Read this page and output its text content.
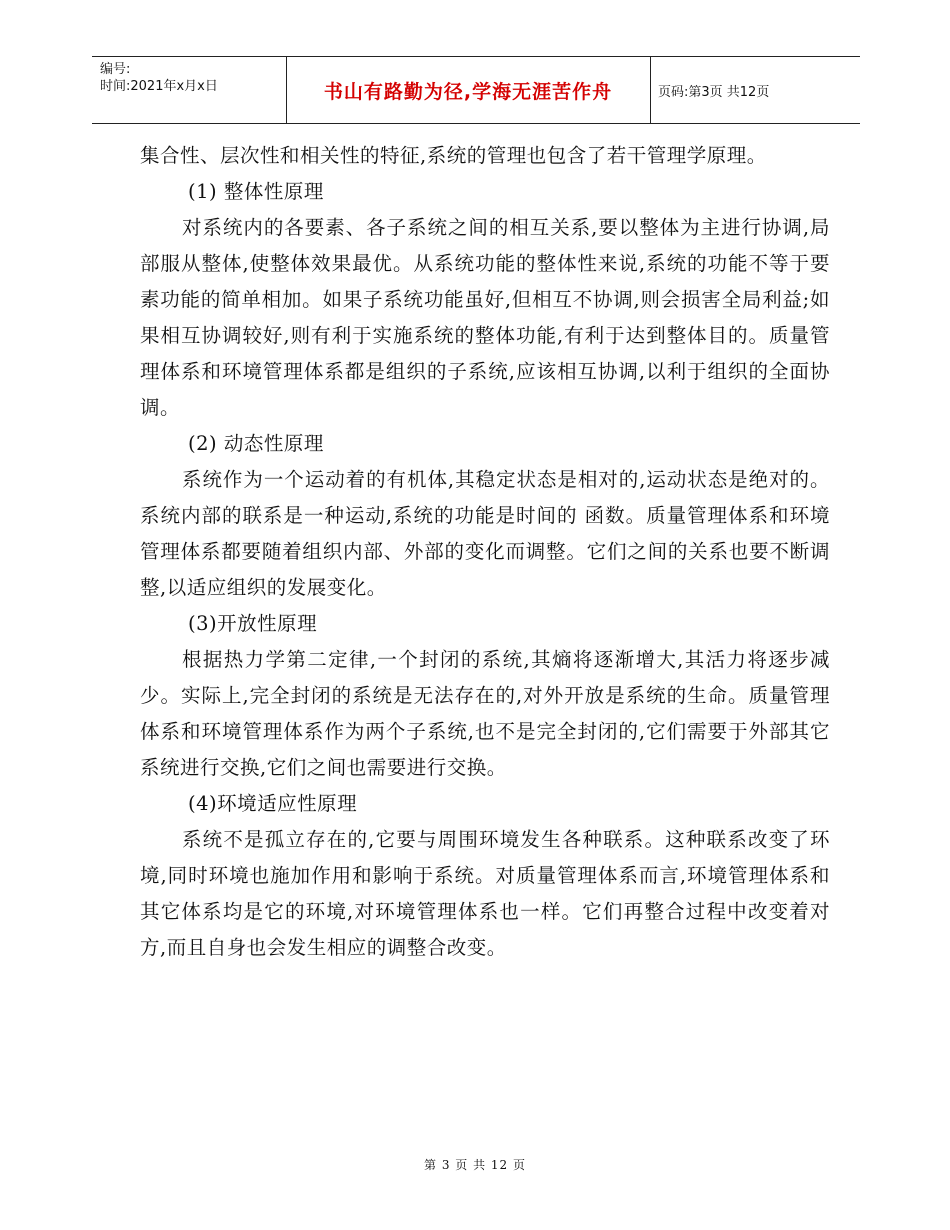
编号:
时间:2021年x月x日	书山有路勤为径,学海无涯苦作舟	页码:第3页 共12页

集合性、层次性和相关性的特征,系统的管理也包含了若干管理学原理。

(1) 整体性原理

对系统内的各要素、各子系统之间的相互关系,要以整体为主进行协调,局部服从整体,使整体效果最优。从系统功能的整体性来说,系统的功能不等于要素功能的简单相加。如果子系统功能虽好,但相互不协调,则会损害全局利益;如果相互协调较好,则有利于实施系统的整体功能,有利于达到整体目的。质量管理体系和环境管理体系都是组织的子系统,应该相互协调,以利于组织的全面协调。

(2) 动态性原理

系统作为一个运动着的有机体,其稳定状态是相对的,运动状态是绝对的。系统内部的联系是一种运动,系统的功能是时间的 函数。质量管理体系和环境管理体系都要随着组织内部、外部的变化而调整。它们之间的关系也要不断调整,以适应组织的发展变化。

(3)开放性原理

根据热力学第二定律,一个封闭的系统,其熵将逐渐增大,其活力将逐步减少。实际上,完全封闭的系统是无法存在的,对外开放是系统的生命。质量管理体系和环境管理体系作为两个子系统,也不是完全封闭的,它们需要于外部其它系统进行交换,它们之间也需要进行交换。

(4)环境适应性原理

系统不是孤立存在的,它要与周围环境发生各种联系。这种联系改变了环境,同时环境也施加作用和影响于系统。对质量管理体系而言,环境管理体系和其它体系均是它的环境,对环境管理体系也一样。它们再整合过程中改变着对方,而且自身也会发生相应的调整合改变。

第 3 页 共 12 页
